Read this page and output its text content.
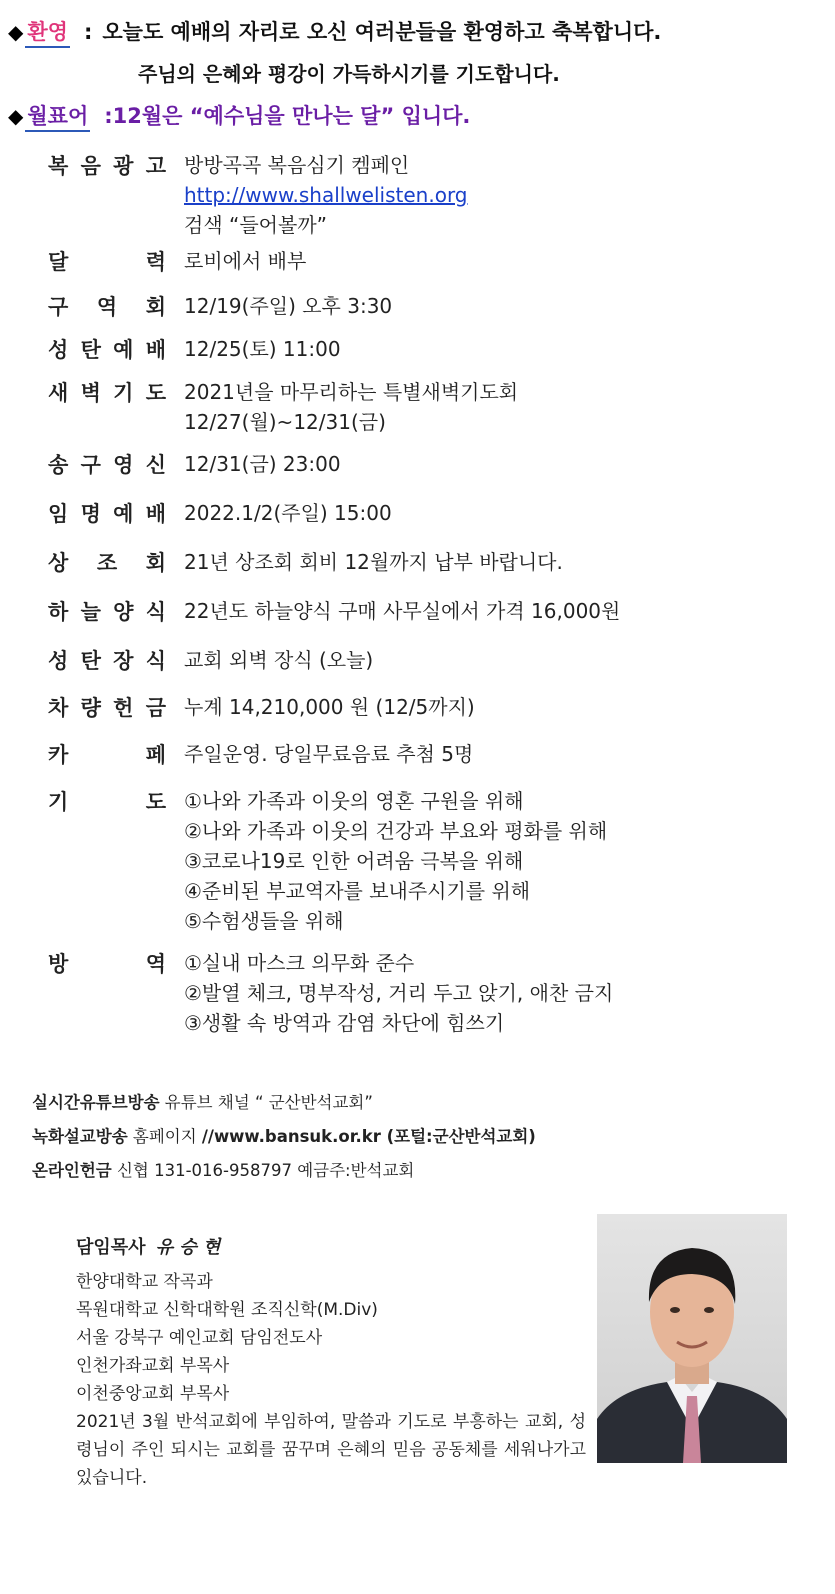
◆ 환영 : 오늘도 예배의 자리로 오신 여러분들을 환영하고 축복합니다.
주님의 은혜와 평강이 가득하시기를 기도합니다.
◆ 월표어 :12월은 “예수님을 만나는 달” 입니다.
복 음 광 고 방방곡곡 복음심기 켐페인
http://www.shallwelisten.org
검색 “들어볼까”
달	력 로비에서 배부
구 역 회 12/19(주일) 오후 3:30
성 탄 예 배 12/25(토) 11:00
새 벽 기 도 2021년을 마무리하는 특별새벽기도회
12/27(월)~12/31(금)
송 구 영 신 12/31(금) 23:00
임 명 예 배 2022.1/2(주일) 15:00
상 조 회 21년 상조회 회비 12월까지 납부 바랍니다.
하 늘 양 식 22년도 하늘양식 구매 사무실에서 가격 16,000원
성 탄 장 식 교회 외벽 장식 (오늘)
차 량 헌 금 누계 14,210,000 원 (12/5까지)
카	페 주일운영. 당일무료음료 추첨 5명
기	도 ①나와 가족과 이웃의 영혼 구원을 위해
②나와 가족과 이웃의 건강과 부요와 평화를 위해
③코로나19로 인한 어려움 극복을 위해
④준비된 부교역자를 보내주시기를 위해
⑤수험생들을 위해
방	역 ①실내 마스크 의무화 준수
②발열 체크, 명부작성, 거리 두고 앉기, 애찬 금지
③생활 속 방역과 감염 차단에 힘쓰기
실시간유튜브방송 유튜브 채널 “ 군산반석교회”
녹화설교방송 홈페이지 //www.bansuk.or.kr (포털:군산반석교회)
온라인헌금 신협 131-016-958797 예금주:반석교회
담임목사 유 승 현
한양대학교 작곡과
목원대학교 신학대학원 조직신학(M.Div)
서울 강북구 예인교회 담임전도사
인천가좌교회 부목사
이천중앙교회 부목사
2021년 3월 반석교회에 부임하여, 말씀과 기도로 부흥하는 교회, 성령님이 주인 되시는 교회를 꿈꾸며 은혜의 믿음 공동체를 세워나가고 있습니다.
